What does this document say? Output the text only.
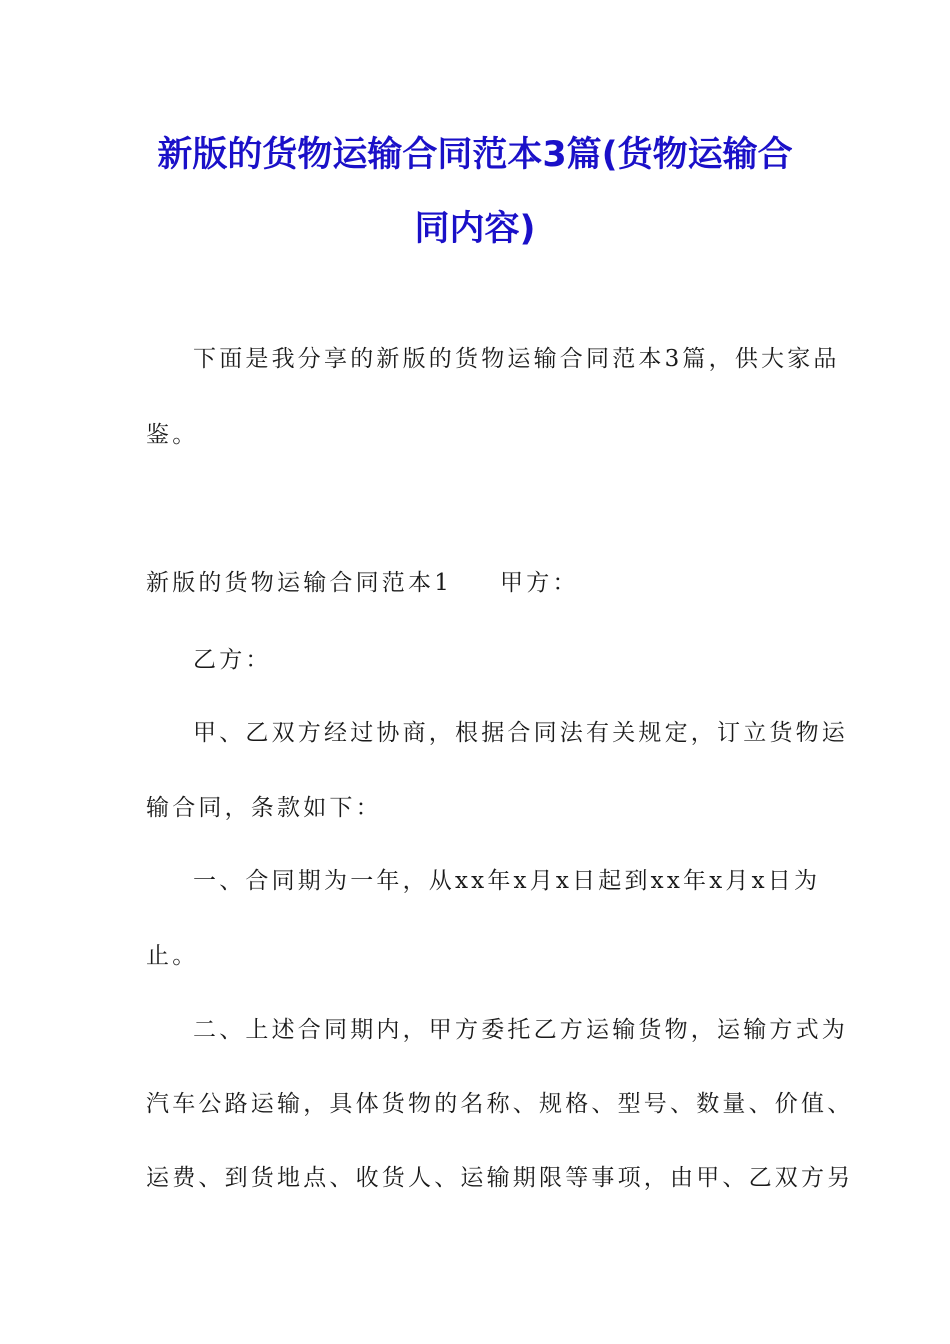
新版的货物运输合同范本3篇(货物运输合
同内容)
下面是我分享的新版的货物运输合同范本3篇，供大家品
鉴。
新版的货物运输合同范本1 甲方：
乙方：
甲、乙双方经过协商，根据合同法有关规定，订立货物运
输合同，条款如下：
一、合同期为一年，从xx年x月x日起到xx年x月x日为
止。
二、上述合同期内，甲方委托乙方运输货物，运输方式为
汽车公路运输，具体货物的名称、规格、型号、数量、价值、
运费、到货地点、收货人、运输期限等事项，由甲、乙双方另
